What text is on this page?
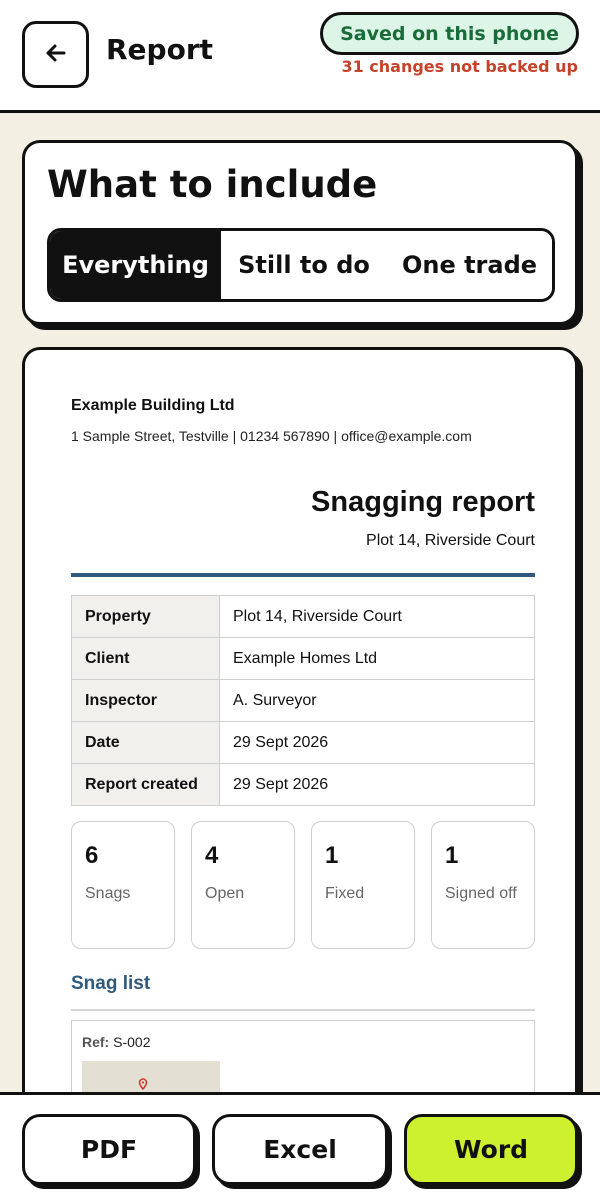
Report	Saved on this phone
31 changes not backed up
What to include
Everything	Still to do	One trade
Example Building Ltd
1 Sample Street, Testville | 01234 567890 | office@example.com
Snagging report
Plot 14, Riverside Court
Property	Plot 14, Riverside Court
Client	Example Homes Ltd
Inspector	A. Surveyor
Date	29 Sept 2026
Report created	29 Sept 2026
6
Snags
4
Open
1
Fixed
1
Signed off
Snag list
Ref: S-002
PDF	Excel	Word
